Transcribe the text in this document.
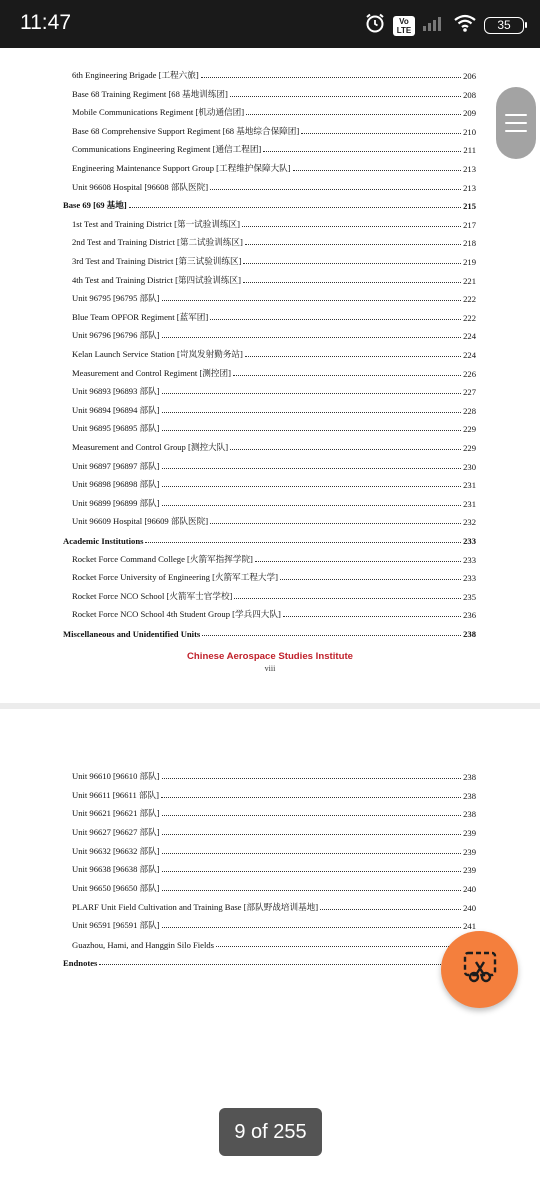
11:47	Vo LTE	35
6th Engineering Brigade [工程六旅]	206
Base 68 Training Regiment [68 基地训练团]	208
Mobile Communications Regiment [机动通信团]	209
Base 68 Comprehensive Support Regiment [68 基地综合保障团]	210
Communications Engineering Regiment [通信工程团]	211
Engineering Maintenance Support Group [工程维护保障大队]	213
Unit 96608 Hospital [96608 部队医院]	213
Base 69 [69 基地]	215
1st Test and Training District [第一试验训练区]	217
2nd Test and Training District [第二试验训练区]	218
3rd Test and Training District [第三试验训练区]	219
4th Test and Training District [第四试验训练区]	221
Unit 96795 [96795 部队]	222
Blue Team OPFOR Regiment [蓝军团]	222
Unit 96796 [96796 部队]	224
Kelan Launch Service Station [岢岚发射勤务站]	224
Measurement and Control Regiment [测控团]	226
Unit 96893 [96893 部队]	227
Unit 96894 [96894 部队]	228
Unit 96895 [96895 部队]	229
Measurement and Control Group [测控大队]	229
Unit 96897 [96897 部队]	230
Unit 96898 [96898 部队]	231
Unit 96899 [96899 部队]	231
Unit 96609 Hospital [96609 部队医院]	232
Academic Institutions	233
Rocket Force Command College [火箭军指挥学院]	233
Rocket Force University of Engineering [火箭军工程大学]	233
Rocket Force NCO School [火箭军士官学校]	235
Rocket Force NCO School 4th Student Group [学兵四大队]	236
Miscellaneous and Unidentified Units	238
Chinese Aerospace Studies Institute
viii
Unit 96610 [96610 部队]	238
Unit 96611 [96611 部队]	238
Unit 96621 [96621 部队]	238
Unit 96627 [96627 部队]	239
Unit 96632 [96632 部队]	239
Unit 96638 [96638 部队]	239
Unit 96650 [96650 部队]	240
PLARF Unit Field Cultivation and Training Base [部队野战培训基地]	240
Unit 96591 [96591 部队]	241
Guazhou, Hami, and Hanggin Silo Fields
Endnotes
9 of 255
